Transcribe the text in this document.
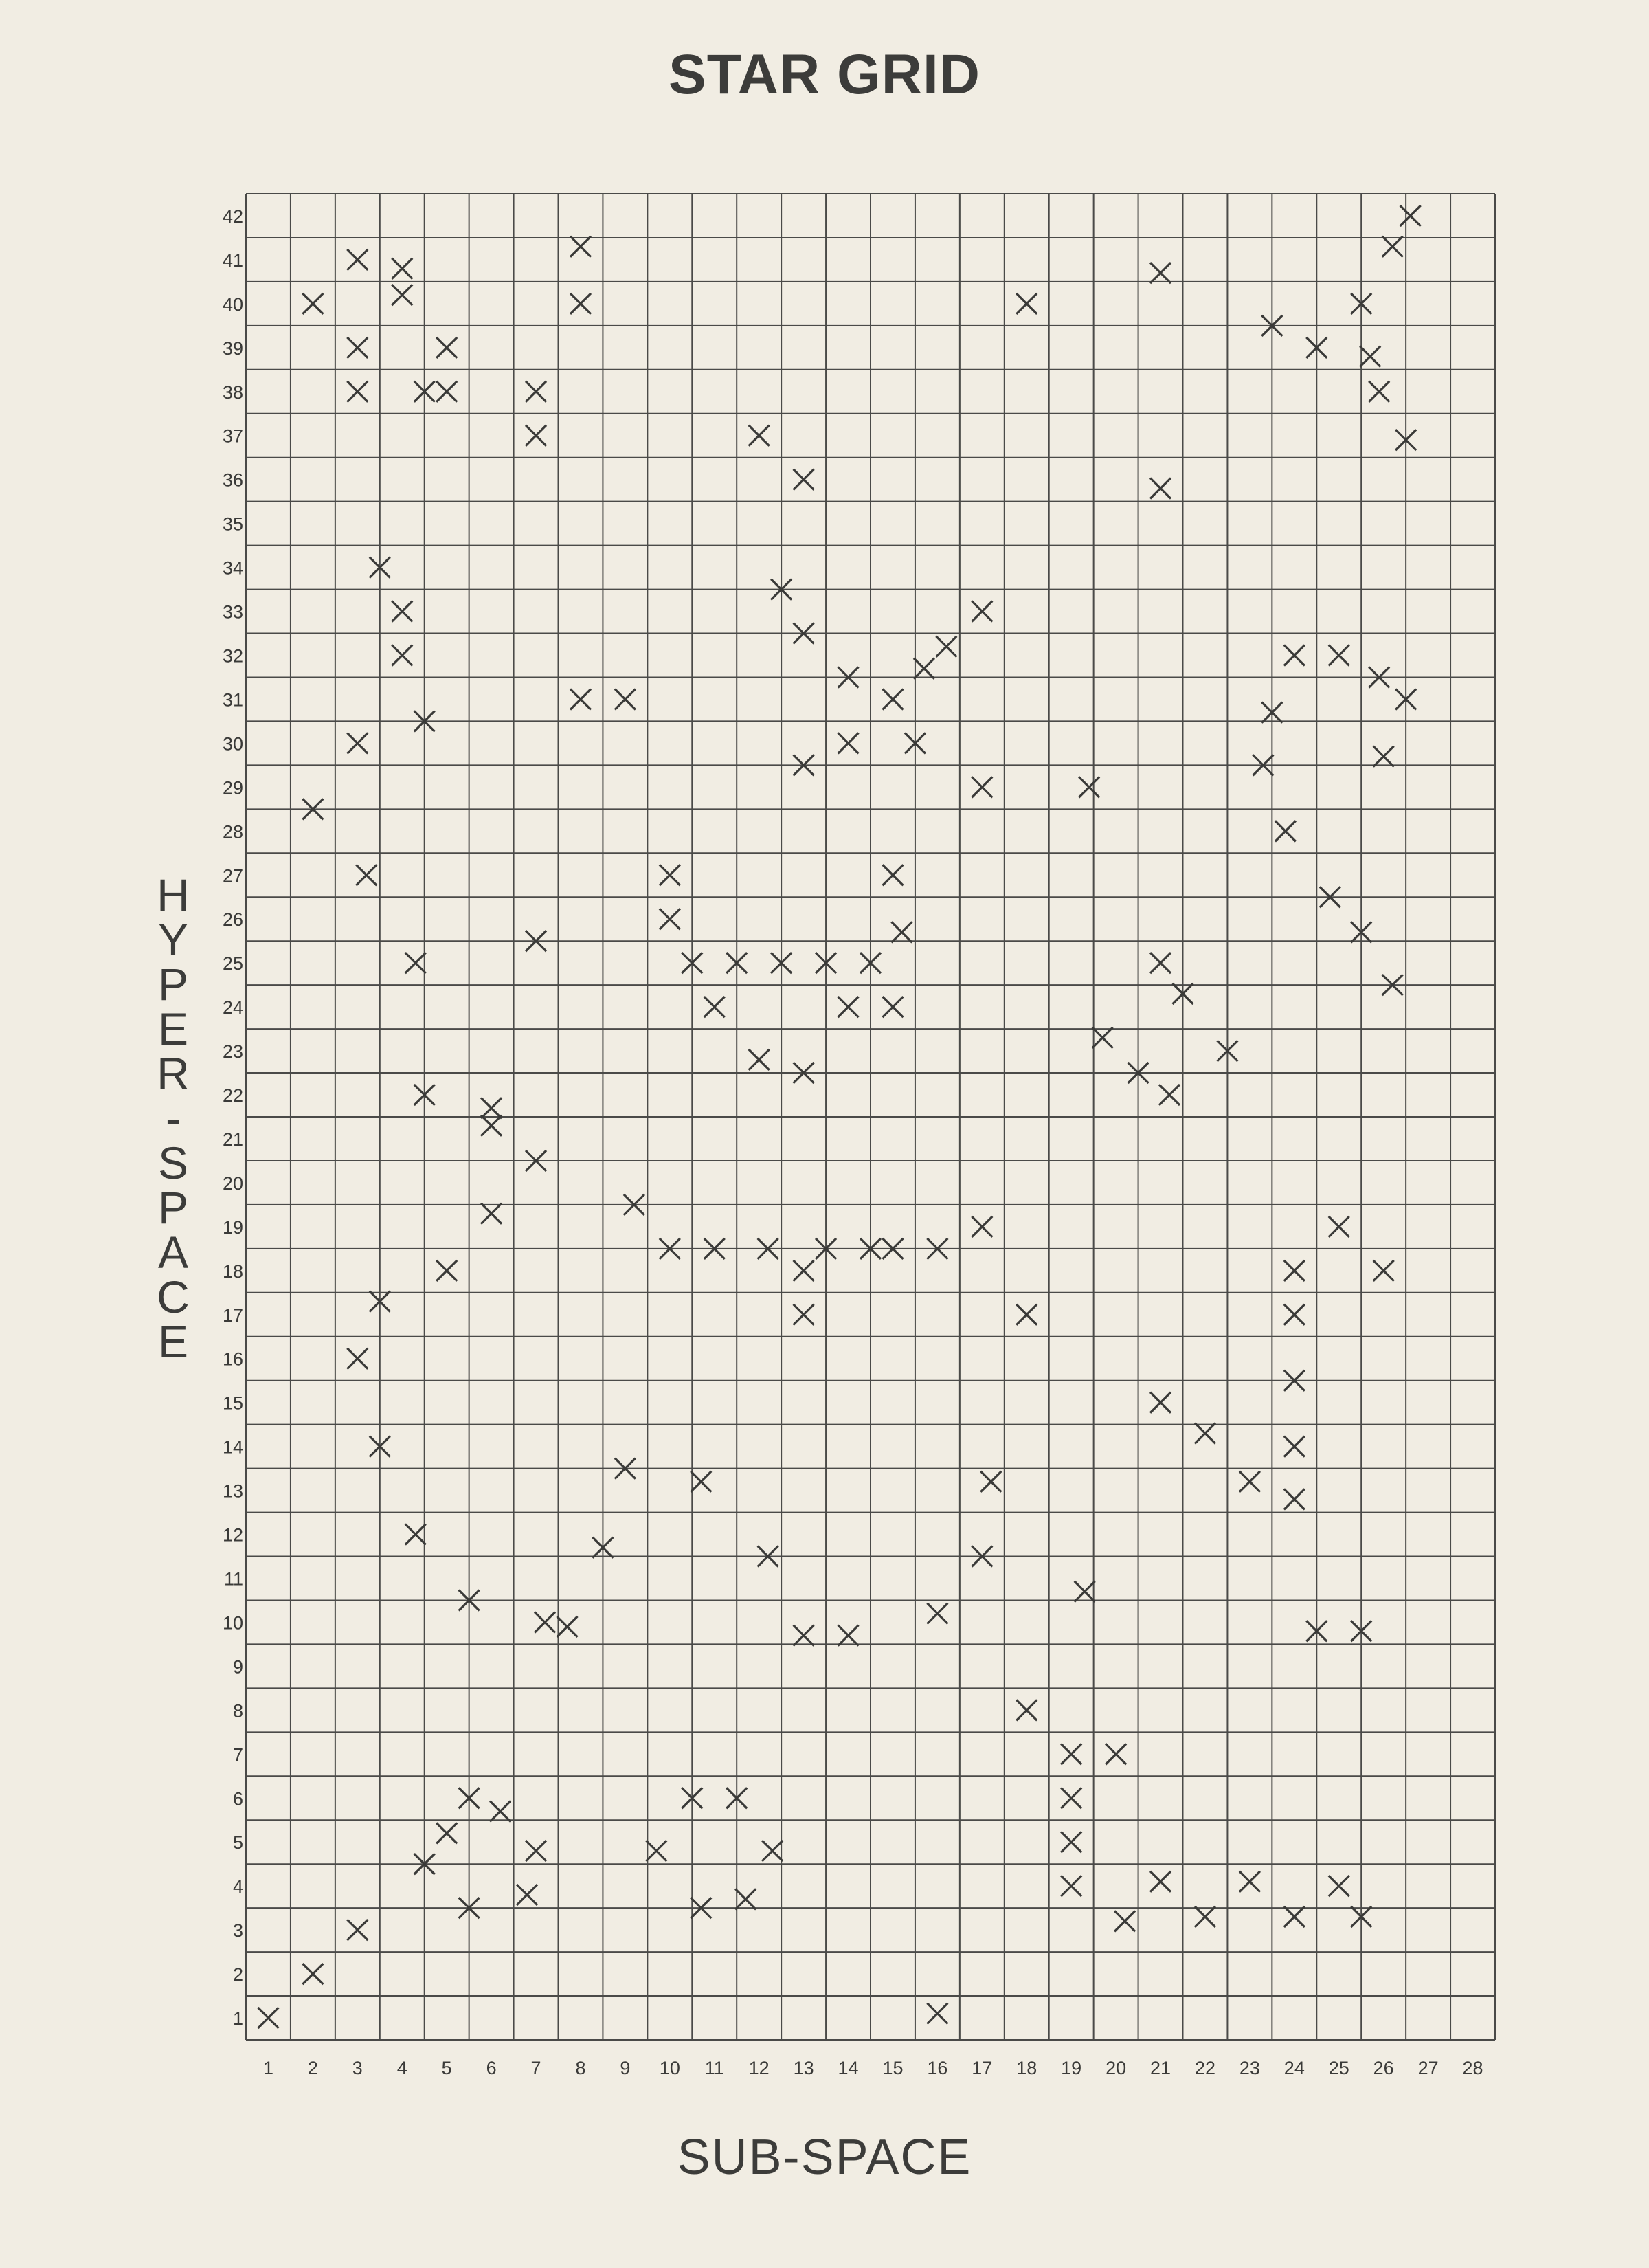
STAR GRID
1 2 3 4 5 6 7 8 9 10 11 12 13 14 15 16 17 18 19 20 21 22 23 24 25 26 27 28
1
2
3
4
5
6
7
8
9
10
11
12
13
14
15
16
17
18
19
20
21
22
23
24
25
26
27
28
29
30
31
32
33
34
35
36
37
38
39
40
41
42
H
Y
P
E
R
-
S
P
A
C
E
SUB-SPACE
